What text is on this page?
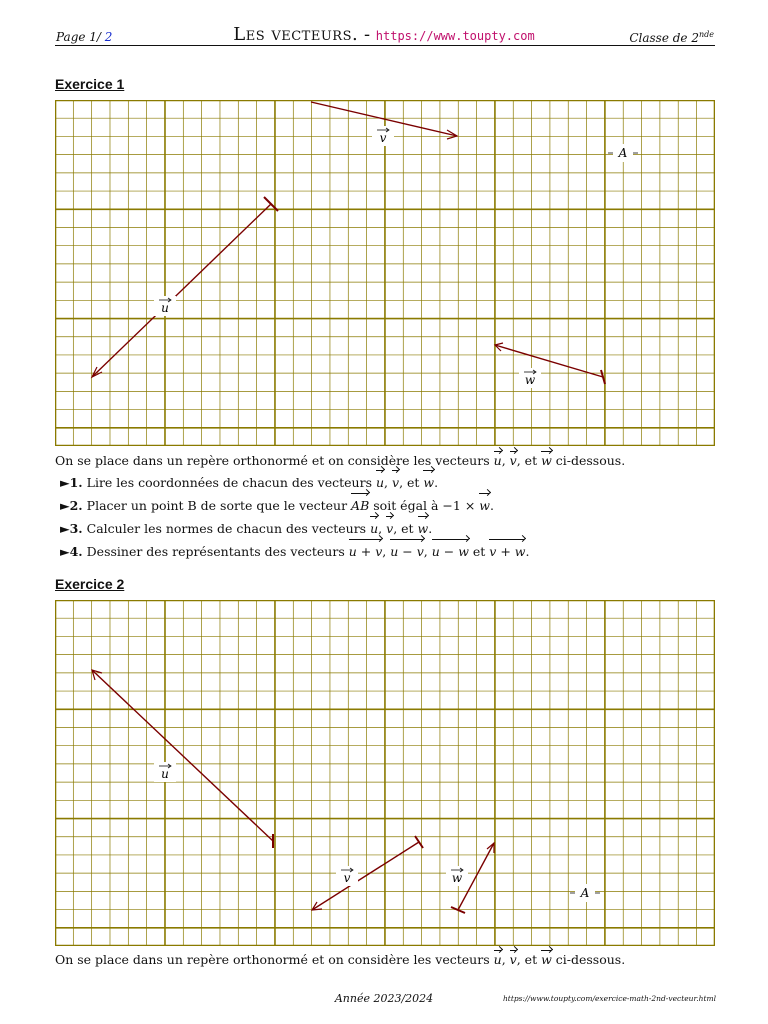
Page 1/ 2	Les vecteurs. - https://www.toupty.com	Classe de 2nde
Exercice 1
u
v
w
A
On se place dans un repère orthonormé et on considère les vecteurs u, v, et w ci-dessous.
►1. Lire les coordonnées de chacun des vecteurs u, v, et w.
►2. Placer un point B de sorte que le vecteur AB soit égal à −1 × w.
►3. Calculer les normes de chacun des vecteurs u, v, et w.
►4. Dessiner des représentants des vecteurs u + v, u − v, u − w et v + w.
Exercice 2
u
v	w
A
On se place dans un repère orthonormé et on considère les vecteurs u, v, et w ci-dessous.
Année 2023/2024	https://www.toupty.com/exercice-math-2nd-vecteur.html
